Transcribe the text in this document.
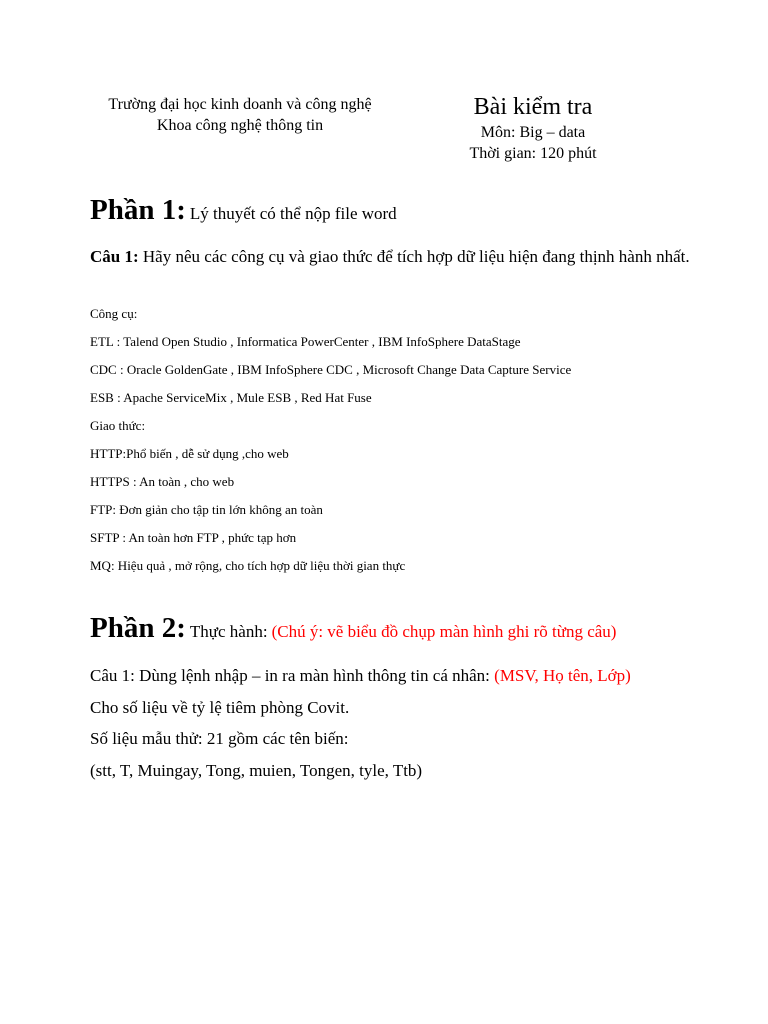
Trường đại học kinh doanh và công nghệ
Khoa công nghệ thông tin
Bài kiểm tra
Môn: Big – data
Thời gian: 120 phút
Phần 1: Lý thuyết có thể nộp file word
Câu 1: Hãy nêu các công cụ và giao thức để tích hợp dữ liệu hiện đang thịnh hành nhất.
Công cụ:
ETL : Talend Open Studio , Informatica PowerCenter , IBM InfoSphere DataStage
CDC : Oracle GoldenGate , IBM InfoSphere CDC , Microsoft Change Data Capture Service
ESB : Apache ServiceMix , Mule ESB , Red Hat Fuse
Giao thức:
HTTP:Phổ biến , dễ sử dụng ,cho web
HTTPS : An toàn , cho web
FTP: Đơn giản cho tập tin lớn không an toàn
SFTP : An toàn hơn FTP , phức tạp hơn
MQ: Hiệu quả , mở rộng, cho tích hợp dữ liệu thời gian thực
Phần 2: Thực hành: (Chú ý: vẽ biểu đồ chụp màn hình ghi rõ từng câu)
Câu 1: Dùng lệnh nhập – in ra màn hình thông tin cá nhân: (MSV, Họ tên, Lớp)
Cho số liệu về tỷ lệ tiêm phòng Covit.
Số liệu mẫu thử: 21 gồm các tên biến:
(stt, T, Muingay, Tong, muien, Tongen, tyle, Ttb)
